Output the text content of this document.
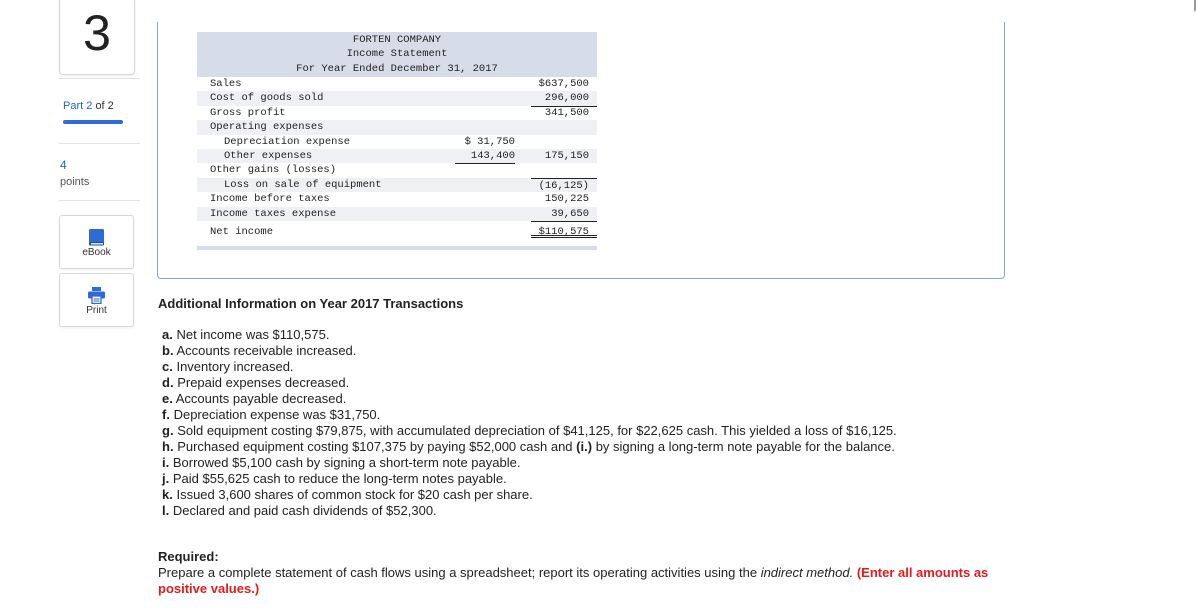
3
Part 2 of 2
4
points
eBook
Print
FORTEN COMPANY
Income Statement
For Year Ended December 31, 2017
Sales	$637,500
Cost of goods sold	296,000
Gross profit	341,500
Operating expenses
Depreciation expense	$ 31,750
Other expenses	143,400	175,150
Other gains (losses)
Loss on sale of equipment	(16,125)
Income before taxes	150,225
Income taxes expense	39,650
Net income	$110,575
Additional Information on Year 2017 Transactions
a. Net income was $110,575.
b. Accounts receivable increased.
c. Inventory increased.
d. Prepaid expenses decreased.
e. Accounts payable decreased.
f. Depreciation expense was $31,750.
g. Sold equipment costing $79,875, with accumulated depreciation of $41,125, for $22,625 cash. This yielded a loss of $16,125.
h. Purchased equipment costing $107,375 by paying $52,000 cash and (i.) by signing a long-term note payable for the balance.
i. Borrowed $5,100 cash by signing a short-term note payable.
j. Paid $55,625 cash to reduce the long-term notes payable.
k. Issued 3,600 shares of common stock for $20 cash per share.
l. Declared and paid cash dividends of $52,300.
Required:
Prepare a complete statement of cash flows using a spreadsheet; report its operating activities using the indirect method. (Enter all amounts as positive values.)
